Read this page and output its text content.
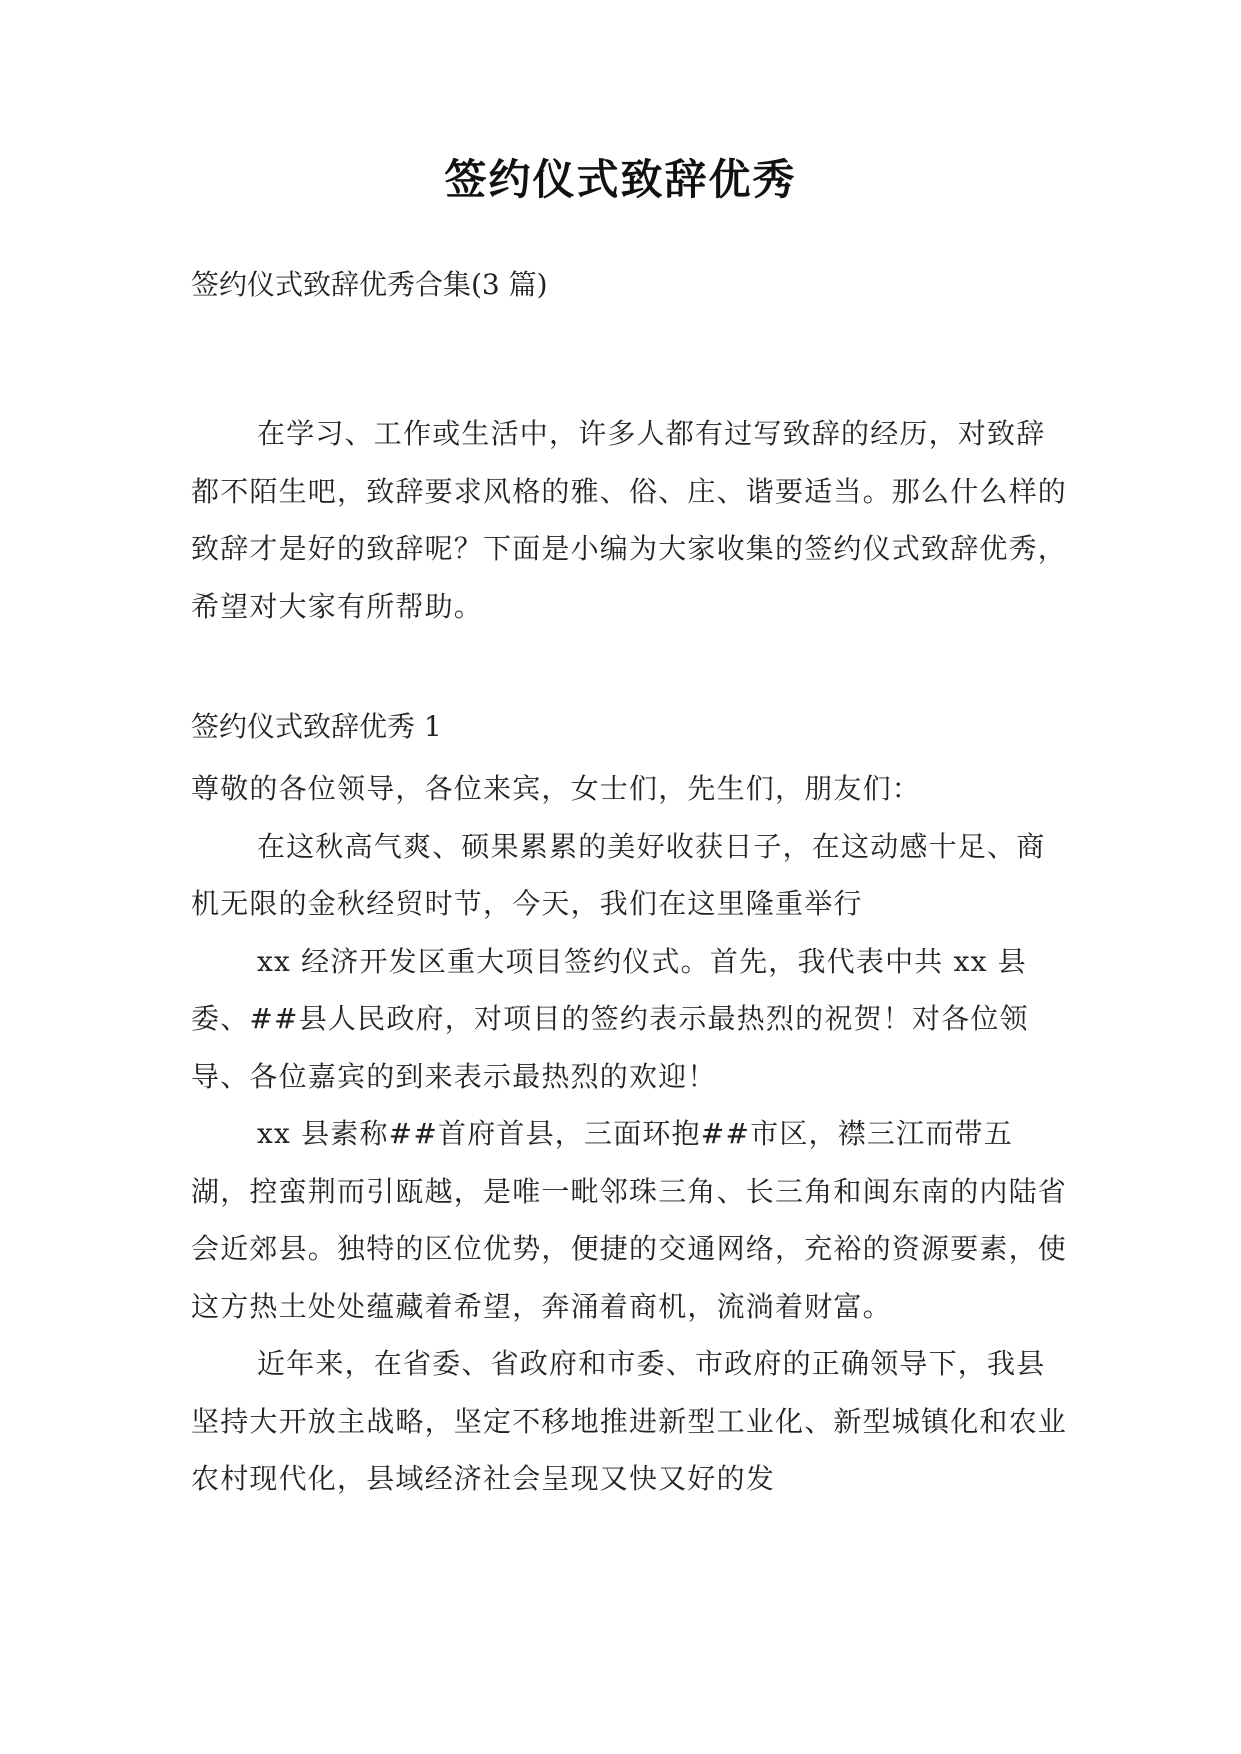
签约仪式致辞优秀
签约仪式致辞优秀合集(3 篇)
在学习、工作或生活中，许多人都有过写致辞的经历，对致辞都不陌生吧，致辞要求风格的雅、俗、庄、谐要适当。那么什么样的致辞才是好的致辞呢？下面是小编为大家收集的签约仪式致辞优秀，希望对大家有所帮助。
签约仪式致辞优秀 1

尊敬的各位领导，各位来宾，女士们，先生们，朋友们：

在这秋高气爽、硕果累累的美好收获日子，在这动感十足、商机无限的金秋经贸时节，今天，我们在这里隆重举行

xx 经济开发区重大项目签约仪式。首先，我代表中共 xx 县委、##县人民政府，对项目的签约表示最热烈的祝贺！对各位领导、各位嘉宾的到来表示最热烈的欢迎！

xx 县素称##首府首县，三面环抱##市区，襟三江而带五湖，控蛮荆而引瓯越，是唯一毗邻珠三角、长三角和闽东南的内陆省会近郊县。独特的区位优势，便捷的交通网络，充裕的资源要素，使这方热土处处蕴藏着希望，奔涌着商机，流淌着财富。

近年来，在省委、省政府和市委、市政府的正确领导下，我县坚持大开放主战略，坚定不移地推进新型工业化、新型城镇化和农业农村现代化，县域经济社会呈现又快又好的发
